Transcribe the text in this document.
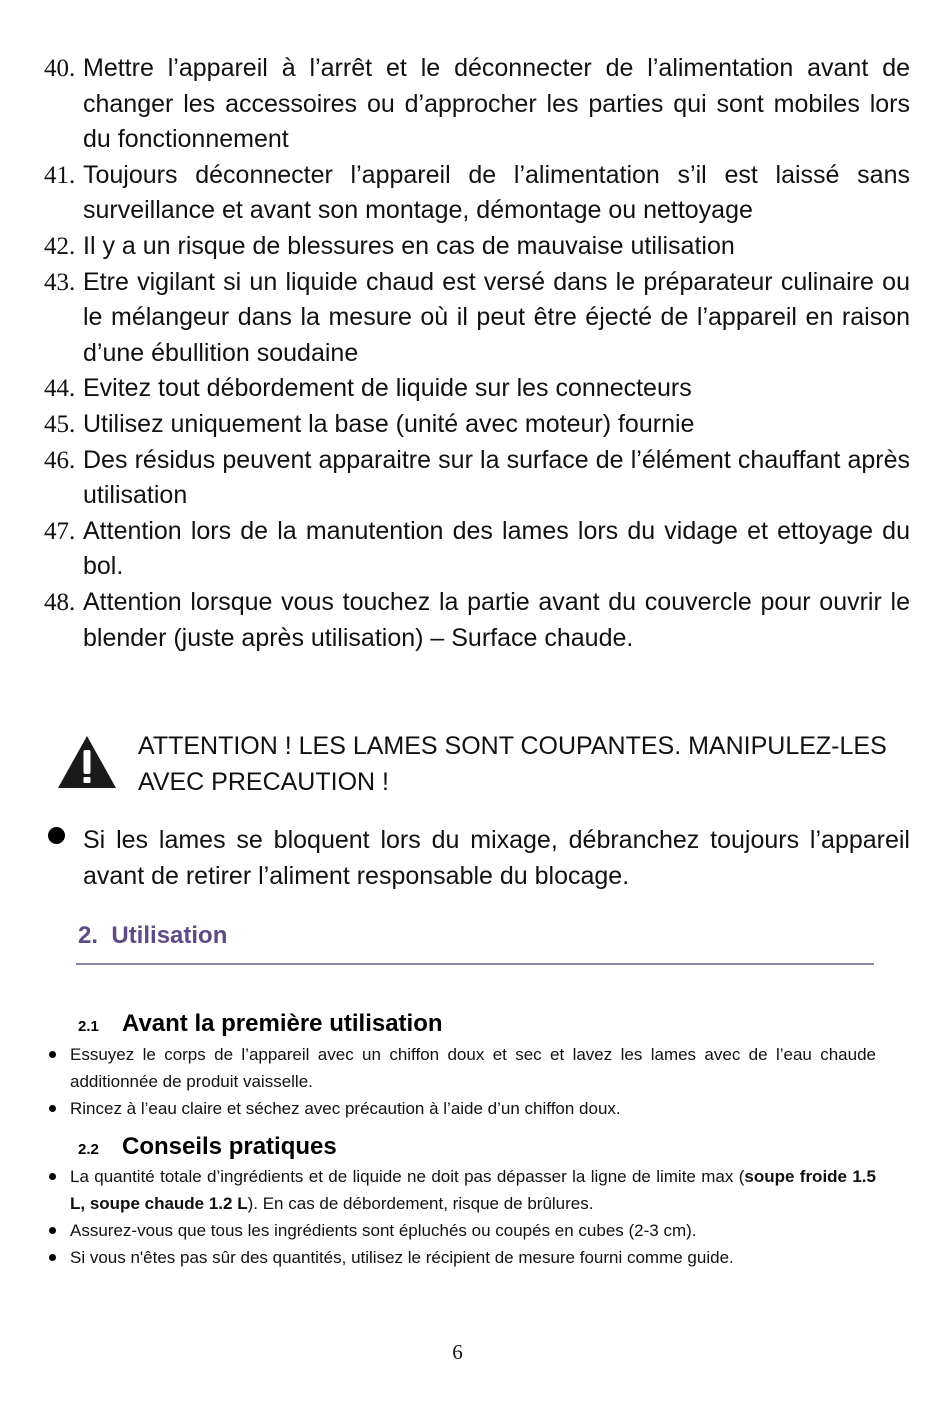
40. Mettre l’appareil à l’arrêt et le déconnecter de l’alimentation avant de changer les accessoires ou d’approcher les parties qui sont mobiles lors du fonctionnement
41. Toujours déconnecter l’appareil de l’alimentation s’il est laissé sans surveillance et avant son montage, démontage ou nettoyage
42. Il y a un risque de blessures en cas de mauvaise utilisation
43. Etre vigilant si un liquide chaud est versé dans le préparateur culinaire ou le mélangeur dans la mesure où il peut être éjecté de l’appareil en raison d’une ébullition soudaine
44. Evitez tout débordement de liquide sur les connecteurs
45. Utilisez uniquement la base (unité avec moteur) fournie
46. Des résidus peuvent apparaitre sur la surface de l’élément chauffant après utilisation
47. Attention lors de la manutention des lames lors du vidage et ettoyage du bol.
48. Attention lorsque vous touchez la partie avant du couvercle pour ouvrir le blender (juste après utilisation) – Surface chaude.
ATTENTION ! LES LAMES SONT COUPANTES. MANIPULEZ-LES AVEC PRECAUTION !
Si les lames se bloquent lors du mixage, débranchez toujours l’appareil avant de retirer l’aliment responsable du blocage.
2. Utilisation
2.1 Avant la première utilisation
Essuyez le corps de l’appareil avec un chiffon doux et sec et lavez les lames avec de l’eau chaude additionnée de produit vaisselle.
Rincez à l’eau claire et séchez avec précaution à l’aide d’un chiffon doux.
2.2 Conseils pratiques
La quantité totale d’ingrédients et de liquide ne doit pas dépasser la ligne de limite max (soupe froide 1.5 L, soupe chaude 1.2 L). En cas de débordement, risque de brûlures.
Assurez-vous que tous les ingrédients sont épluchés ou coupés en cubes (2-3 cm).
Si vous n'êtes pas sûr des quantités, utilisez le récipient de mesure fourni comme guide.
6
